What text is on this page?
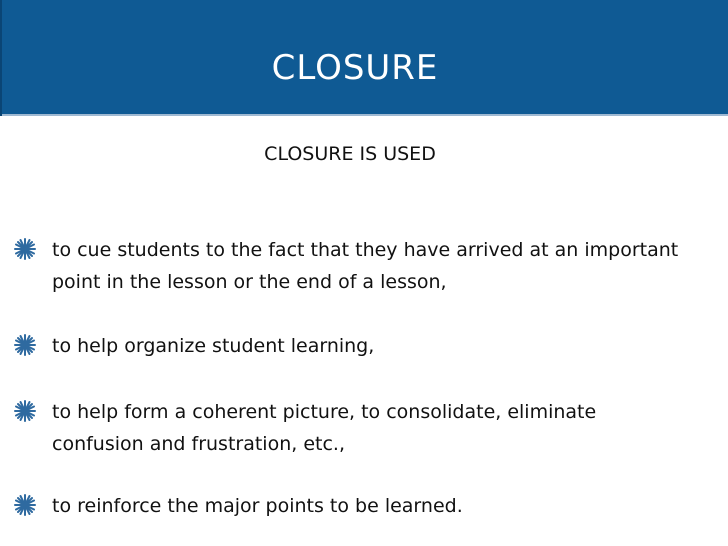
CLOSURE
CLOSURE IS USED
to cue students to the fact that they have arrived at an important point in the lesson or the end of a lesson,
to help organize student learning,
to help form a coherent picture, to consolidate, eliminate confusion and frustration, etc.,
to reinforce the major points to be learned.
